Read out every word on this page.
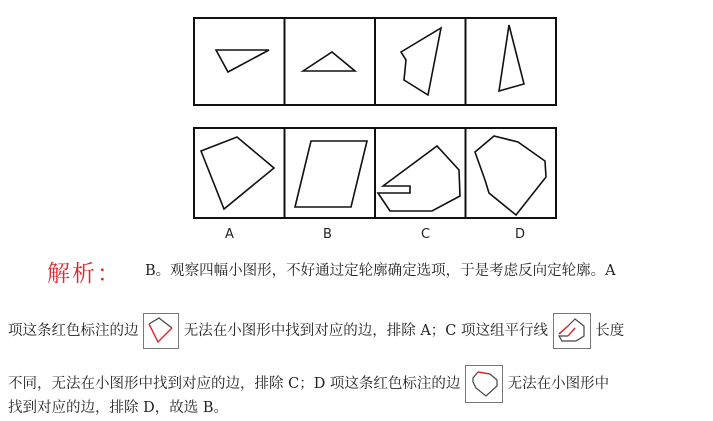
A	B	C	D
解析： B。观察四幅小图形，不好通过定轮廓确定选项，于是考虑反向定轮廓。A
项这条红色标注的边	无法在小图形中找到对应的边，排除 A；C 项这组平行线	长度
不同，无法在小图形中找到对应的边，排除 C；D 项这条红色标注的边	无法在小图形中
找到对应的边，排除 D，故选 B。
